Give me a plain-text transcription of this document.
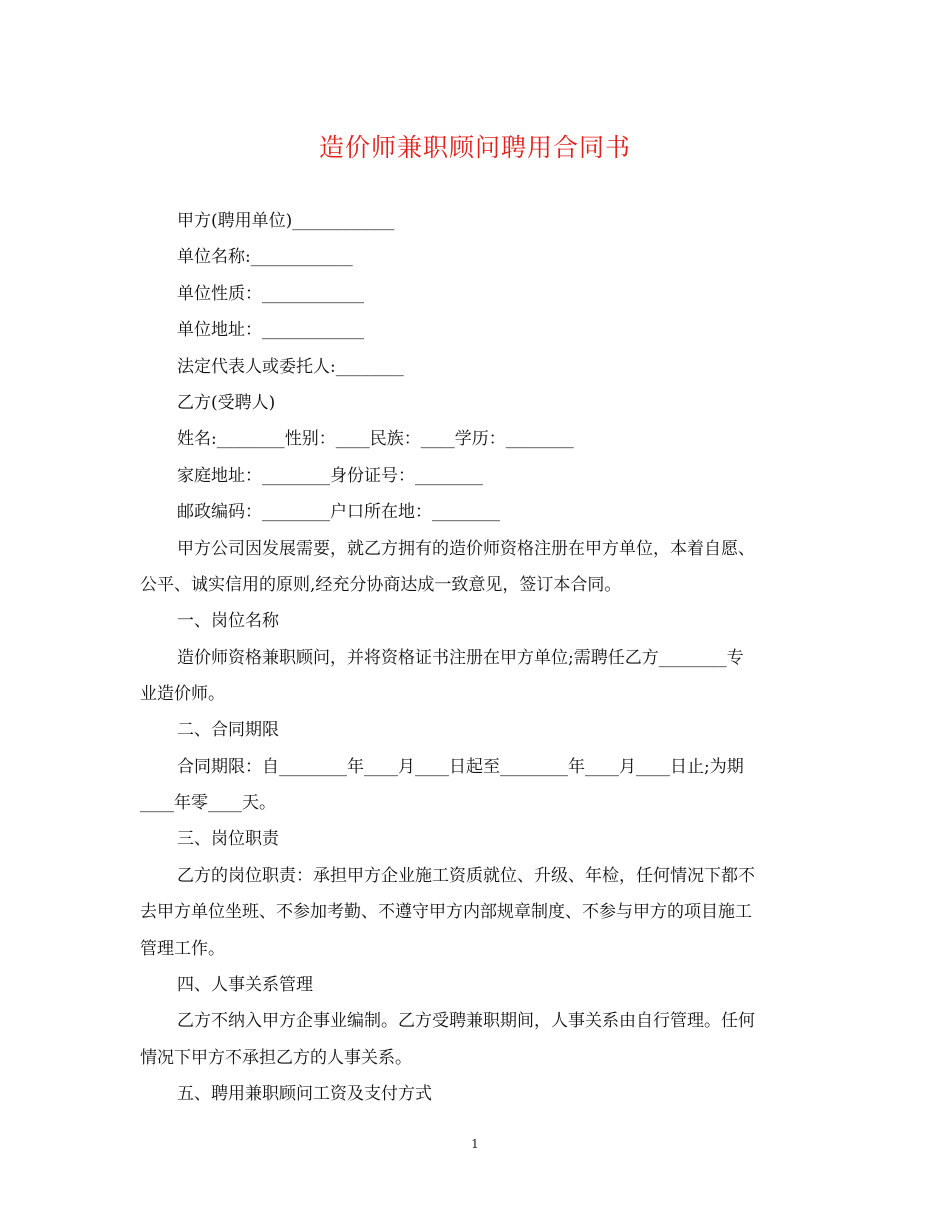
造价师兼职顾问聘用合同书

甲方(聘用单位)____________

单位名称:____________

单位性质：____________

单位地址：____________

法定代表人或委托人:________

乙方(受聘人)

姓名:________性别：____民族：____学历：________

家庭地址：________身份证号：________

邮政编码：________户口所在地：________

甲方公司因发展需要，就乙方拥有的造价师资格注册在甲方单位，本着自愿、

公平、诚实信用的原则,经充分协商达成一致意见，签订本合同。

一、岗位名称

造价师资格兼职顾问，并将资格证书注册在甲方单位;需聘任乙方________专

业造价师。

二、合同期限

合同期限：自________年____月____日起至________年____月____日止;为期

____年零____天。

三、岗位职责

乙方的岗位职责：承担甲方企业施工资质就位、升级、年检，任何情况下都不

去甲方单位坐班、不参加考勤、不遵守甲方内部规章制度、不参与甲方的项目施工

管理工作。

四、人事关系管理

乙方不纳入甲方企事业编制。乙方受聘兼职期间，人事关系由自行管理。任何

情况下甲方不承担乙方的人事关系。

五、聘用兼职顾问工资及支付方式

1
